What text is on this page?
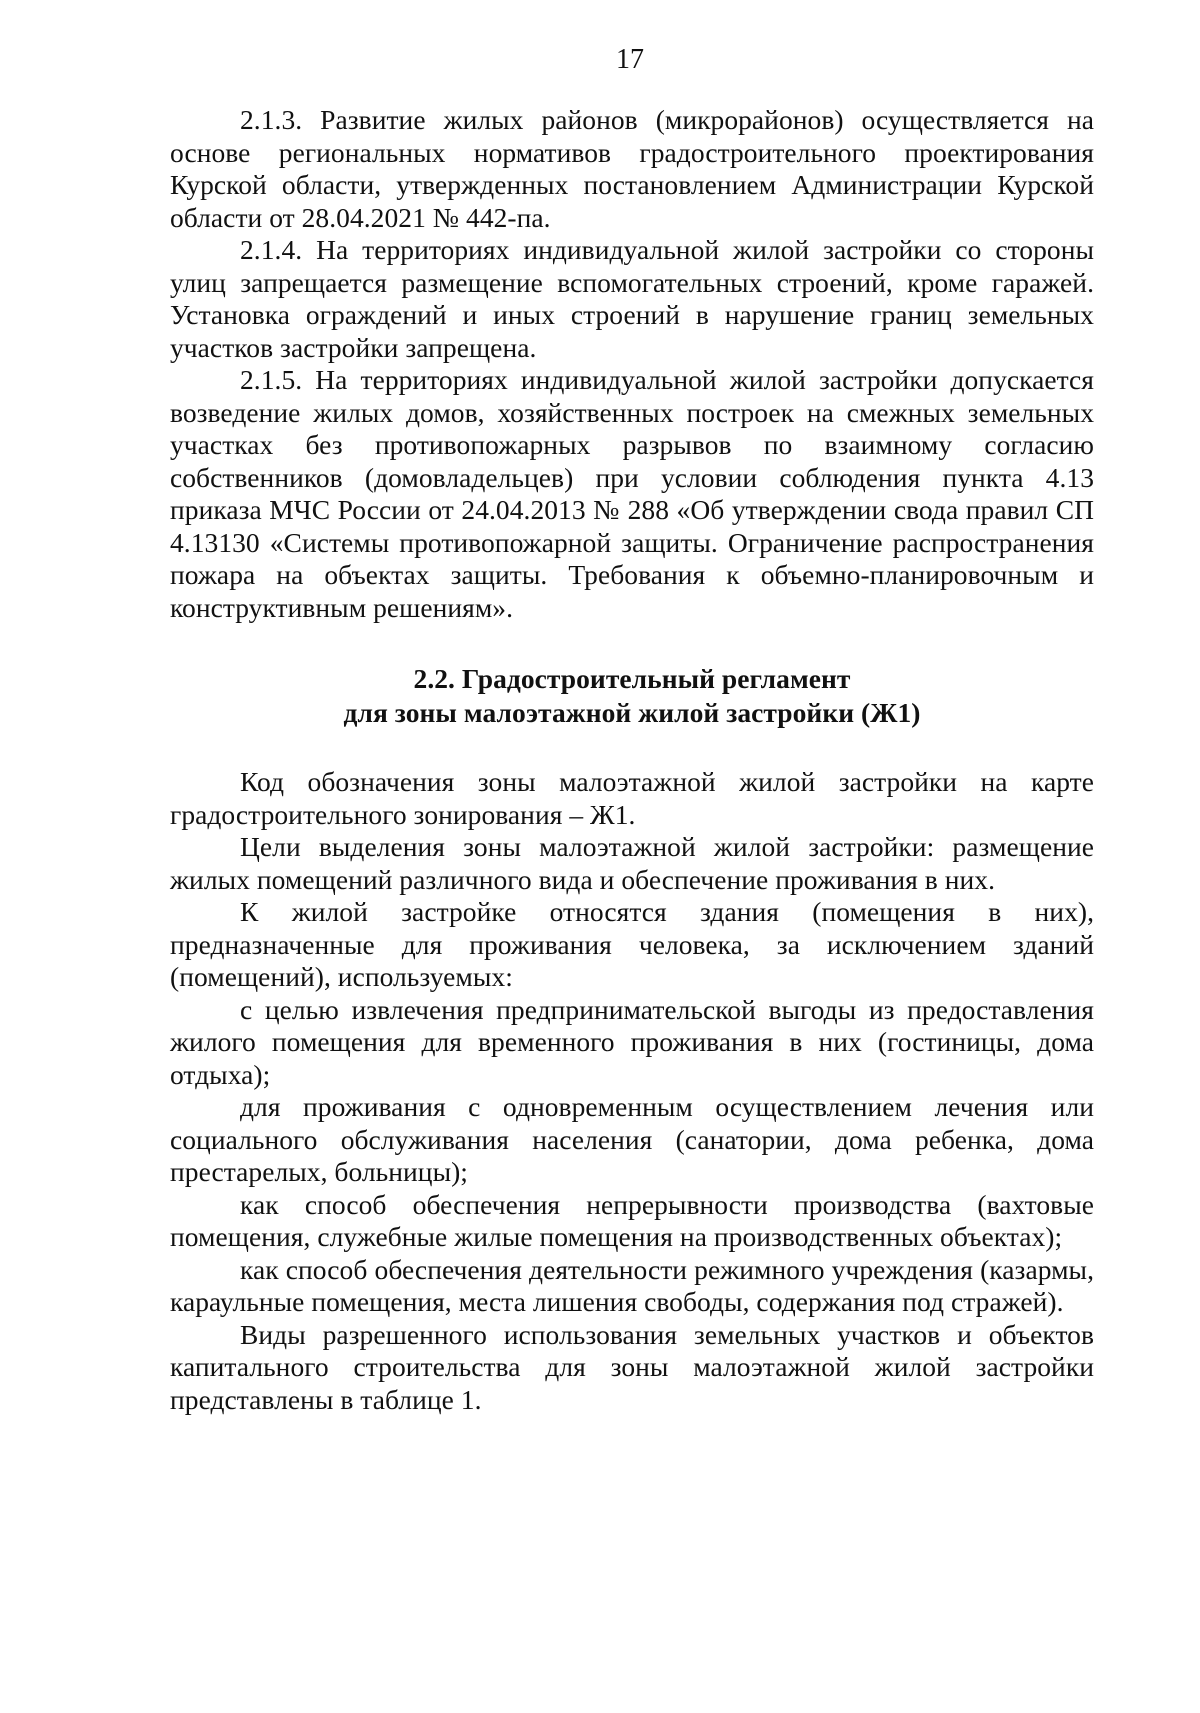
17

2.1.3. Развитие жилых районов (микрорайонов) осуществляется на основе региональных нормативов градостроительного проектирования Курской области, утвержденных постановлением Администрации Курской области от 28.04.2021 № 442-па.

2.1.4. На территориях индивидуальной жилой застройки со стороны улиц запрещается размещение вспомогательных строений, кроме гаражей. Установка ограждений и иных строений в нарушение границ земельных участков застройки запрещена.

2.1.5. На территориях индивидуальной жилой застройки допускается возведение жилых домов, хозяйственных построек на смежных земельных участках без противопожарных разрывов по взаимному согласию собственников (домовладельцев) при условии соблюдения пункта 4.13 приказа МЧС России от 24.04.2013 № 288 «Об утверждении свода правил СП 4.13130 «Системы противопожарной защиты. Ограничение распространения пожара на объектах защиты. Требования к объемно-планировочным и конструктивным решениям».

2.2. Градостроительный регламент
для зоны малоэтажной жилой застройки (Ж1)

Код обозначения зоны малоэтажной жилой застройки на карте градостроительного зонирования – Ж1.

Цели выделения зоны малоэтажной жилой застройки: размещение жилых помещений различного вида и обеспечение проживания в них.

К жилой застройке относятся здания (помещения в них), предназначенные для проживания человека, за исключением зданий (помещений), используемых:

с целью извлечения предпринимательской выгоды из предоставления жилого помещения для временного проживания в них (гостиницы, дома отдыха);

для проживания с одновременным осуществлением лечения или социального обслуживания населения (санатории, дома ребенка, дома престарелых, больницы);

как способ обеспечения непрерывности производства (вахтовые помещения, служебные жилые помещения на производственных объектах);

как способ обеспечения деятельности режимного учреждения (казармы, караульные помещения, места лишения свободы, содержания под стражей).

Виды разрешенного использования земельных участков и объектов капитального строительства для зоны малоэтажной жилой застройки представлены в таблице 1.
